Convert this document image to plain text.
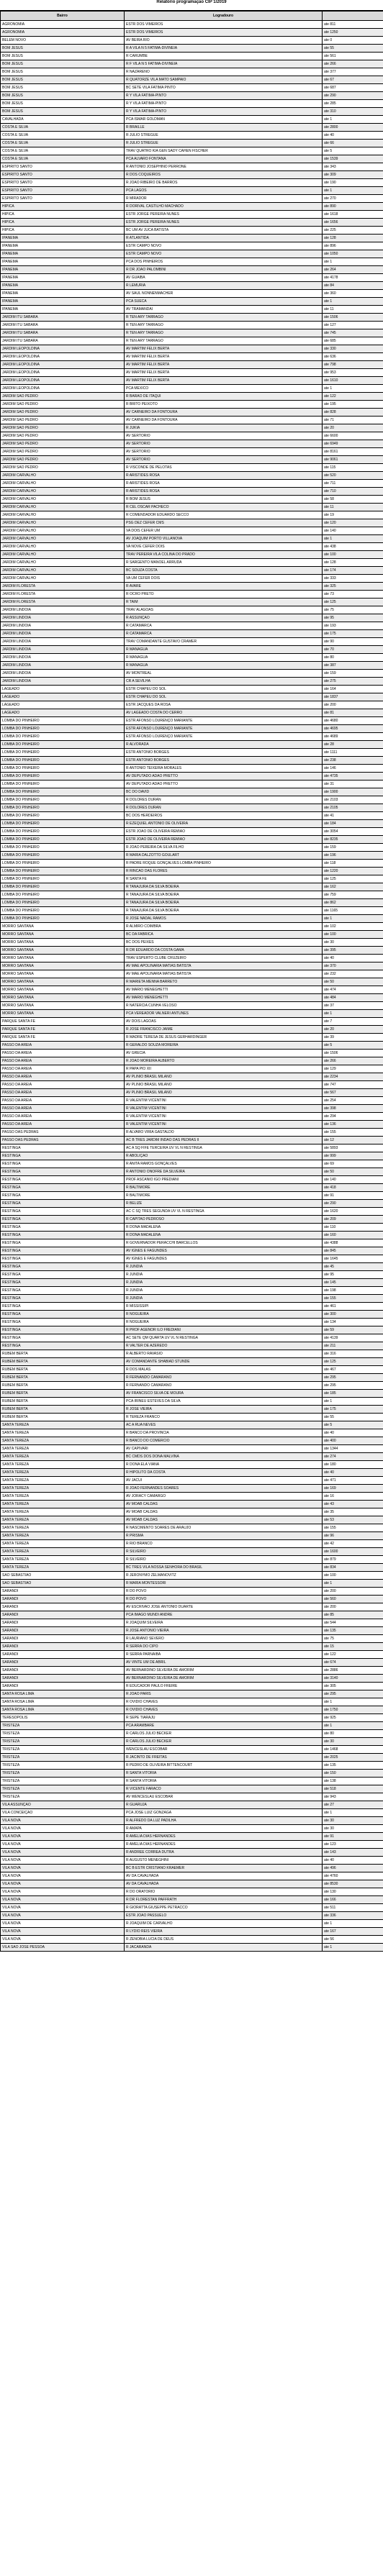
Relatório programação CIP 1/2019
Bairro	Logradouro	
AGRONOMIA	ESTR DOS VIMEIROS	ate 811
AGRONOMIA	ESTR DOS VIMEIROS	ate 1250
BELEM NOVO	AV BEIRA RIO	ate 0
BOM JESUS	R A VILA N 5 FATIMA-DIVINEIA	ate 55
BOM JESUS	R CARUMBE	ate 561
BOM JESUS	R F VILA N 5 FATIMA-DIVINEIA	ate 266
BOM JESUS	R NAZARENO	ate 377
BOM JESUS	R QUATORZE VILA MATO SAMPAIO	ate 67
BOM JESUS	BC SETE VILA FATIMA PINTO	ate 687
BOM JESUS	R Y VILA FATIMA-PINTO	ate 290
BOM JESUS	R Y VILA FATIMA-PINTO	ate 285
BOM JESUS	R Y VILA FATIMA-PINTO	ate 310
CAVALHADA	PCA ISMAR GOLDMAN	ate 1
COSTA E SILVA	R BRAILLE	ate 2800
COSTA E SILVA	R JULIO STREGUE	ate 40
COSTA E SILVA	R JULIO STREGUE	ate 66
COSTA E SILVA	TRAV QUATRO KIA GEN SADY CAHEN FISCHER	ate 5
COSTA E SILVA	PCA ALVARO FONTANA	ate 1539
ESPIRITO SANTO	R ANTONIO JOSEPHINO PERRONE	ate 343
ESPIRITO SANTO	R DOS COQUEIROS	ate 309
ESPIRITO SANTO	R JOAO RIBEIRO DE BARROS	ate 190
ESPIRITO SANTO	PCA LAGOS	ate 1
ESPIRITO SANTO	R MIRADOR	ate 270
HIPICA	R DORIVAL CASTILHO MACHADO	ate 890
HIPICA	ESTR JORGE PEREIRA NUNES	ate 1618
HIPICA	ESTR JORGE PEREIRA NUNES	ate 1656
HIPICA	BC UM AV JUCA BATISTA	ate 225
IPANEMA	R ATLANTIDA	ate 128
IPANEMA	ESTR CAMPO NOVO	ate 896
IPANEMA	ESTR CAMPO NOVO	ate 1050
IPANEMA	PCA DOS PINHEIROS	ate 1
IPANEMA	R DR JOAO PALOMBINI	ate 264
IPANEMA	AV GUAIBA	ate 4178
IPANEMA	R LEMURIA	ate 84
IPANEMA	AV SAUL NONNENMACHER	ate 360
IPANEMA	PCA SUECA	ate 1
IPANEMA	AV TRAMANDAI	ate 11
JARDIM ITU SABARA	R TEN ARY TARRAGO	ate 1506
JARDIM ITU SABARA	R TEN ARY TARRAGO	ate 127
JARDIM ITU SABARA	R TEN ARY TARRAGO	ate 745
JARDIM ITU SABARA	R TEN ARY TARRAGO	ate 685
JARDIM LEOPOLDINA	AV MARTIM FELIX BERTA	ate 330
JARDIM LEOPOLDINA	AV MARTIM FELIX BERTA	ate 636
JARDIM LEOPOLDINA	AV MARTIM FELIX BERTA	ate 798
JARDIM LEOPOLDINA	AV MARTIM FELIX BERTA	ate 953
JARDIM LEOPOLDINA	AV MARTIM FELIX BERTA	ate 1610
JARDIM LEOPOLDINA	PCA MEXICO	ate 1
JARDIM SAO PEDRO	R BARAO DE ITAQUI	ate 122
JARDIM SAO PEDRO	R BRITO PEIXOTO	ate 195
JARDIM SAO PEDRO	AV CARNEIRO DA FONTOURA	ate 828
JARDIM SAO PEDRO	AV CARNEIRO DA FONTOURA	ate 71
JARDIM SAO PEDRO	R JUKIA	ate 20
JARDIM SAO PEDRO	AV SERTORIO	ate 6600
JARDIM SAO PEDRO	AV SERTORIO	ate 6949
JARDIM SAO PEDRO	AV SERTORIO	ate 8161
JARDIM SAO PEDRO	AV SERTORIO	ate 9061
JARDIM SAO PEDRO	R VISCONDE DE PELOTAS	ate 115
JARDIM CARVALHO	R ARISTIDES ROSA	ate 520
JARDIM CARVALHO	R ARISTIDES ROSA	ate 711
JARDIM CARVALHO	R ARISTIDES ROSA	ate 710
JARDIM CARVALHO	R BOM JESUS	ate 58
JARDIM CARVALHO	R CEL OSCAR PACHECO	ate 11
JARDIM CARVALHO	R COMENDADOR EDUARDO SECCO	ate 19
JARDIM CARVALHO	PSG DEZ CEFER CMS	ate 120
JARDIM CARVALHO	VA DOIS CEFER UM	ate 140
JARDIM CARVALHO	AV JOAQUIM PORTO VILLANOVA	ate 1
JARDIM CARVALHO	VA NOVE CEFER DOIS	ate 438
JARDIM CARVALHO	TRAV PEREIRA VILA COLINA DO PRADO	ate 100
JARDIM CARVALHO	R SARGENTO MANOEL ARRUDA	ate 128
JARDIM CARVALHO	BC SOUZA COSTA	ate 174
JARDIM CARVALHO	VA UM CEFER DOIS	ate 333
JARDIM FLORESTA	R AVARE	ate 325
JARDIM FLORESTA	R OCRO PRETO	ate 73
JARDIM FLORESTA	R TAIM	ate 125
JARDIM LINDOIA	TRAV ALAGOAS	ate 75
JARDIM LINDOIA	R ASSUNÇAO	ate 95
JARDIM LINDOIA	R CATAMARCA	ate 193
JARDIM LINDOIA	R CATAMARCA	ate 175
JARDIM LINDOIA	TRAV COMANDANTE GUSTAVO CRAMER	ate 90
JARDIM LINDOIA	R MANAGUA	ate 70
JARDIM LINDOIA	R MANAGUA	ate 80
JARDIM LINDOIA	R MANAGUA	ate 387
JARDIM LINDOIA	AV MONTREAL	ate 159
JARDIM LINDOIA	CR A SEVILHA	ate 275
LAGEADO	ESTR CHAPEU DO SOL	ate 164
LAGEADO	ESTR CHAPEU DO SOL	ate 1837
LAGEADO	ESTR JACQUES DA ROSA	ate 200
LAGEADO	AV LAGEADO COSTA DO CERRO	ate 81
LOMBA DO PINHEIRO	ESTR AFONSO LOURENÇO MARIANTE	ate 4680
LOMBA DO PINHEIRO	ESTR AFONSO LOURENÇO MARIANTE	ate 4695
LOMBA DO PINHEIRO	ESTR AFONSO LOURENÇO MARIANTE	ate 4689
LOMBA DO PINHEIRO	R ALVORADA	ate 28
LOMBA DO PINHEIRO	ESTR ANTONIO BORGES	ate 1111
LOMBA DO PINHEIRO	ESTR ANTONIO BORGES	ate 238
LOMBA DO PINHEIRO	R ANTONIO TEIXEIRA MORALES	ate 146
LOMBA DO PINHEIRO	AV DEPUTADO ADAO PRETTO	ate 4735
LOMBA DO PINHEIRO	AV DEPUTADO ADAO PRETTO	ate 31
LOMBA DO PINHEIRO	BC DO DAVID	ate 1900
LOMBA DO PINHEIRO	R DOLORES DURAN	ate 2103
LOMBA DO PINHEIRO	R DOLORES DURAN	ate 2105
LOMBA DO PINHEIRO	BC DOS HERDEIROS	ate 41
LOMBA DO PINHEIRO	R EZEQUIEL ANTONIO DE OLIVEIRA	ate 184
LOMBA DO PINHEIRO	ESTR JOAO DE OLIVEIRA REMIAO	ate 3054
LOMBA DO PINHEIRO	ESTR JOAO DE OLIVEIRA REMIAO	ate 8235
LOMBA DO PINHEIRO	R JOAO PEREIRA DA SILVA FILHO	ate 159
LOMBA DO PINHEIRO	R MARIA DALZOTTO GOULART	ate 196
LOMBA DO PINHEIRO	R PADRE ROQUE GONÇALVES LOMBA PINHEIRO	ate 118
LOMBA DO PINHEIRO	R RINCAO DAS FLORES	ate 1220
LOMBA DO PINHEIRO	R SANTA FE	ate 125
LOMBA DO PINHEIRO	R TANAJURA DA SILVA BOEIRA	ate 162
LOMBA DO PINHEIRO	R TANAJURA DA SILVA BOEIRA	ate 759
LOMBA DO PINHEIRO	R TANAJURA DA SILVA BOEIRA	ate 862
LOMBA DO PINHEIRO	R TANAJURA DA SILVA BOEIRA	ate 1165
LOMBA DO PINHEIRO	R JOSE NADAL RAMOS	ate 1
MORRO SANTANA	R ALMIRO COIMBRA	ate 102
MORRO SANTANA	BC DA FABRICA	ate 100
MORRO SANTANA	BC DOS PEIXES	ate 30
MORRO SANTANA	R DR EDUARDO DA COSTA GAMA	ate 395
MORRO SANTANA	TRAV ESPERTO CLUBE CRUZEIRO	ate 40
MORRO SANTANA	AV MAE APOLINARIA MATIAS BATISTA	ate 370
MORRO SANTANA	AV MAE APOLINARIA MATIAS BATISTA	ate 232
MORRO SANTANA	R MARIETA MENNA BARRETO	ate 50
MORRO SANTANA	AV MARIO MENEGHETTI	ate 474
MORRO SANTANA	AV MARIO MENEGHETTI	ate 484
MORRO SANTANA	R NATERCIA CUNHA VELOSO	ate 37
MORRO SANTANA	PCA VEREADOR VALNERI ANTUNES	ate 1
PARQUE SANTA FE	AV DOIS LAGOAS	ate 7
PARQUE SANTA FE	R JOSE FRANCISCO JAIME	ate 20
PARQUE SANTA FE	R MADRE TERESA DE JESUS GERHARDINGER	ate 39
PASSO DA AREIA	R GERALDO SOUZA MOREIRA	ate 5
PASSO DA AREIA	AV GRECIA	ate 1506
PASSO DA AREIA	R JOAO MOREIRA ALBERTO	ate 266
PASSO DA AREIA	R PAPA PIO XII	ate 129
PASSO DA AREIA	AV PLINIO BRASIL MILANO	ate 2234
PASSO DA AREIA	AV PLINIO BRASIL MILANO	ate 747
PASSO DA AREIA	AV PLINIO BRASIL MILANO	ate 567
PASSO DA AREIA	R VALENTIM VICENTINI	ate 254
PASSO DA AREIA	R VALENTIM VICENTINI	ate 398
PASSO DA AREIA	R VALENTIM VICENTINI	ate 294
PASSO DA AREIA	R VALENTIM VICENTINI	ate 136
PASSO DAS PEDRAS	R ALVARO VIRIA GASTALDO	ate 155
PASSO DAS PEDRAS	AC B TRES JARDIM INDAO DAS PEDRAS II	ate 12
RESTINGA	AC A SQ FIFE TERCEIRA UV VL N RESTINGA	ate 5893
RESTINGA	R ABOLIÇAO	ate 999
RESTINGA	R ANITA RAMOS GONÇALVES	ate 69
RESTINGA	R ANTONIO ONOFRE DA SILVEIRA	ate 50
RESTINGA	PROF ASCANIO IGO PREDIANI	ate 140
RESTINGA	R BALTIMORE	ate 418
RESTINGA	R BALTIMORE	ate 91
RESTINGA	R BELIZE	ate 290
RESTINGA	AC C SQ TRES SEGUNDA UV VL N RESTINGA	ate 1620
RESTINGA	R CAPITAO PEDROSO	ate 209
RESTINGA	R DONA MADALENA	ate 110
RESTINGA	R DONA MADALENA	ate 160
RESTINGA	R GOVERNADOR PERACCHI BARCELLOS	ate 4388
RESTINGA	AV IGNES E FAGUNDES	ate 845
RESTINGA	AV IGNES E FAGUNDES	ate 1645
RESTINGA	R JUNDIA	ate 45
RESTINGA	R JUNDIA	ate 95
RESTINGA	R JUNDIA	ate 145
RESTINGA	R JUNDIA	ate 198
RESTINGA	R JUNDIA	ate 155
RESTINGA	R MISSISSIPI	ate 461
RESTINGA	R NOGUEIRA	ate 300
RESTINGA	R NOGUEIRA	ate 134
RESTINGA	R PROF AGENOR ILO FREDIANI	ate 59
RESTINGA	AC SETE QM QUARTA UV VL N RESTINGA	ate 4139
RESTINGA	R VALTER DE AZEREDO	ate 211
RUBEM BERTA	R ALBERTO RAVASIO	ate 316
RUBEM BERTA	AV COMANDANTE SHABIAD STUNDE	ate 125
RUBEM BERTA	R DOS MALAS	ate 467
RUBEM BERTA	R FERNANDO CAMARANO	ate 295
RUBEM BERTA	R FERNANDO CAMARANO	ate 295
RUBEM BERTA	AV FRANCISCO SILVA DE MOURA	ate 185
RUBEM BERTA	PCA IRINEU ESTEVES DA SILVA	ate 1
RUBEM BERTA	R JOSE VIEIRA	ate 175
RUBEM BERTA	R TEREZA FRANCO	ate 55
SANTA TEREZA	AC A RUA NEVES	ate 5
SANTA TEREZA	R BANCO DA PROVINCIA	ate 40
SANTA TEREZA	R BANCO DO COMERCIO	ate 400
SANTA TEREZA	AV CAPIVARI	ate 1344
SANTA TEREZA	BC CMDS DOS DONA MALVINA	ate 274
SANTA TEREZA	R DONA ELA VIANA	ate 180
SANTA TEREZA	R HIPOLITO DA COSTA	ate 40
SANTA TEREZA	AV JACUI	ate 471
SANTA TEREZA	R JOAO FERNANDES SOARES	ate 169
SANTA TEREZA	AV JORACY CAMARGO	ate 16
SANTA TEREZA	AV MOAB CALDAS	ate 43
SANTA TEREZA	AV MOAB CALDAS	ate 35
SANTA TEREZA	AV MOAB CALDAS	ate 53
SANTA TEREZA	R NASCIMENTO SOARES DE ARAUJO	ate 155
SANTA TEREZA	R PRISMA	ate 96
SANTA TEREZA	R RIO BRANCO	ate 42
SANTA TEREZA	R SILVEIRO	ate 1600
SANTA TEREZA	R SILVEIRO	ate 879
SANTA TEREZA	BC TRES VILA NOSSA SENHORA DO BRASIL	ate 834
SAO SEBASTIAO	R JERONYMO ZELMANOVITZ	ate 100
SAO SEBASTIAO	R MARIA MONTESSORI	ate 1
SARANDI	R DO POVO	ate 200
SARANDI	R DO POVO	ate 560
SARANDI	AV ESCRIVAO JOSE ANTONIO DUARTE	ate 200
SARANDI	PCA IMAGO MUNDI ANDRE	ate 85
SARANDI	R JOAQUIM SILVEIRA	ate 544
SARANDI	R JOSE ANTONIO VIEIRA	ate 135
SARANDI	R LAURIANO SEVERO	ate 75
SARANDI	R SERRA DO CIPO	ate 15
SARANDI	R SERRA PARNAIBA	ate 122
SARANDI	AV VINTE UM DE ABRIL	ate 674
SARANDI	AV BERNARDINO SILVEIRA DE AMORIM	ate 2886
SARANDI	AV BERNARDINO SILVEIRA DE AMORIM	ate 3140
SARANDI	R EDUCADOR PAULO FREIRE	ate 305
SANTA ROSA LIMA	R JOAO PARIS	ate 295
SANTA ROSA LIMA	R OVIDIO CHAVES	ate 1
SANTA ROSA LIMA	R OVIDIO CHAVES	ate 1750
TERESOPOLIS	R SEPE TIARAJU	ate 925
TRISTEZA	PCA ARAMBARE	ate 1
TRISTEZA	R CARLOS JULIO BECKER	ate 80
TRISTEZA	R CARLOS JULIO BECKER	ate 30
TRISTEZA	WENCESLAU ESCOBAR	ate 1468
TRISTEZA	R JACINTO DE FREITAS	ate 2025
TRISTEZA	R PEDRO DE OLIVEIRA BITTENCOURT	ate 135
TRISTEZA	R SANTA VITORIA	ate 150
TRISTEZA	R SANTA VITORIA	ate 138
TRISTEZA	R VICENTE FARACO	ate 518
TRISTEZA	AV WENCESLAU ESCOBAR	ate 943
VILA ASSUNÇAO	R GUARUJA	ate 27
VILA CONCEIÇAO	PCA JOSE LUIZ GONZAGA	ate 1
VILA NOVA	R ALFREDO DA LUZ PADILHA	ate 30
VILA NOVA	R AMAPA	ate 30
VILA NOVA	R AMELIA DIAS HERNANDES	ate 91
VILA NOVA	R AMELIA DIAS HERNANDES	ate 123
VILA NOVA	R ANDREE CORREA DUTRA	ate 143
VILA NOVA	R AUGUSTO MENEGHINI	ate 40
VILA NOVA	BC B ESTR CRISTIANO KRAEMER	ate 496
VILA NOVA	AV DA CAVALHADA	ate 4760
VILA NOVA	AV DA CAVALHADA	ate 8530
VILA NOVA	R DO ORATORIO	ate 130
VILA NOVA	R DR FLORESTAN PAFFRATH	ate 166
VILA NOVA	R GIORATTA GIUSEPPE PETRACCO	ate 511
VILA NOVA	ESTR JOAO PASSUELO	ate 336
VILA NOVA	R JOAQUIM DE CARVALHO	ate 1
VILA NOVA	R LYDIO REIS VIEIRA	ate 167
VILA NOVA	R ZENOBIA LUCIA DE DEUS	ate 56
VILA SAO JOSE PESSOA	R JACARANDA	ate 1
